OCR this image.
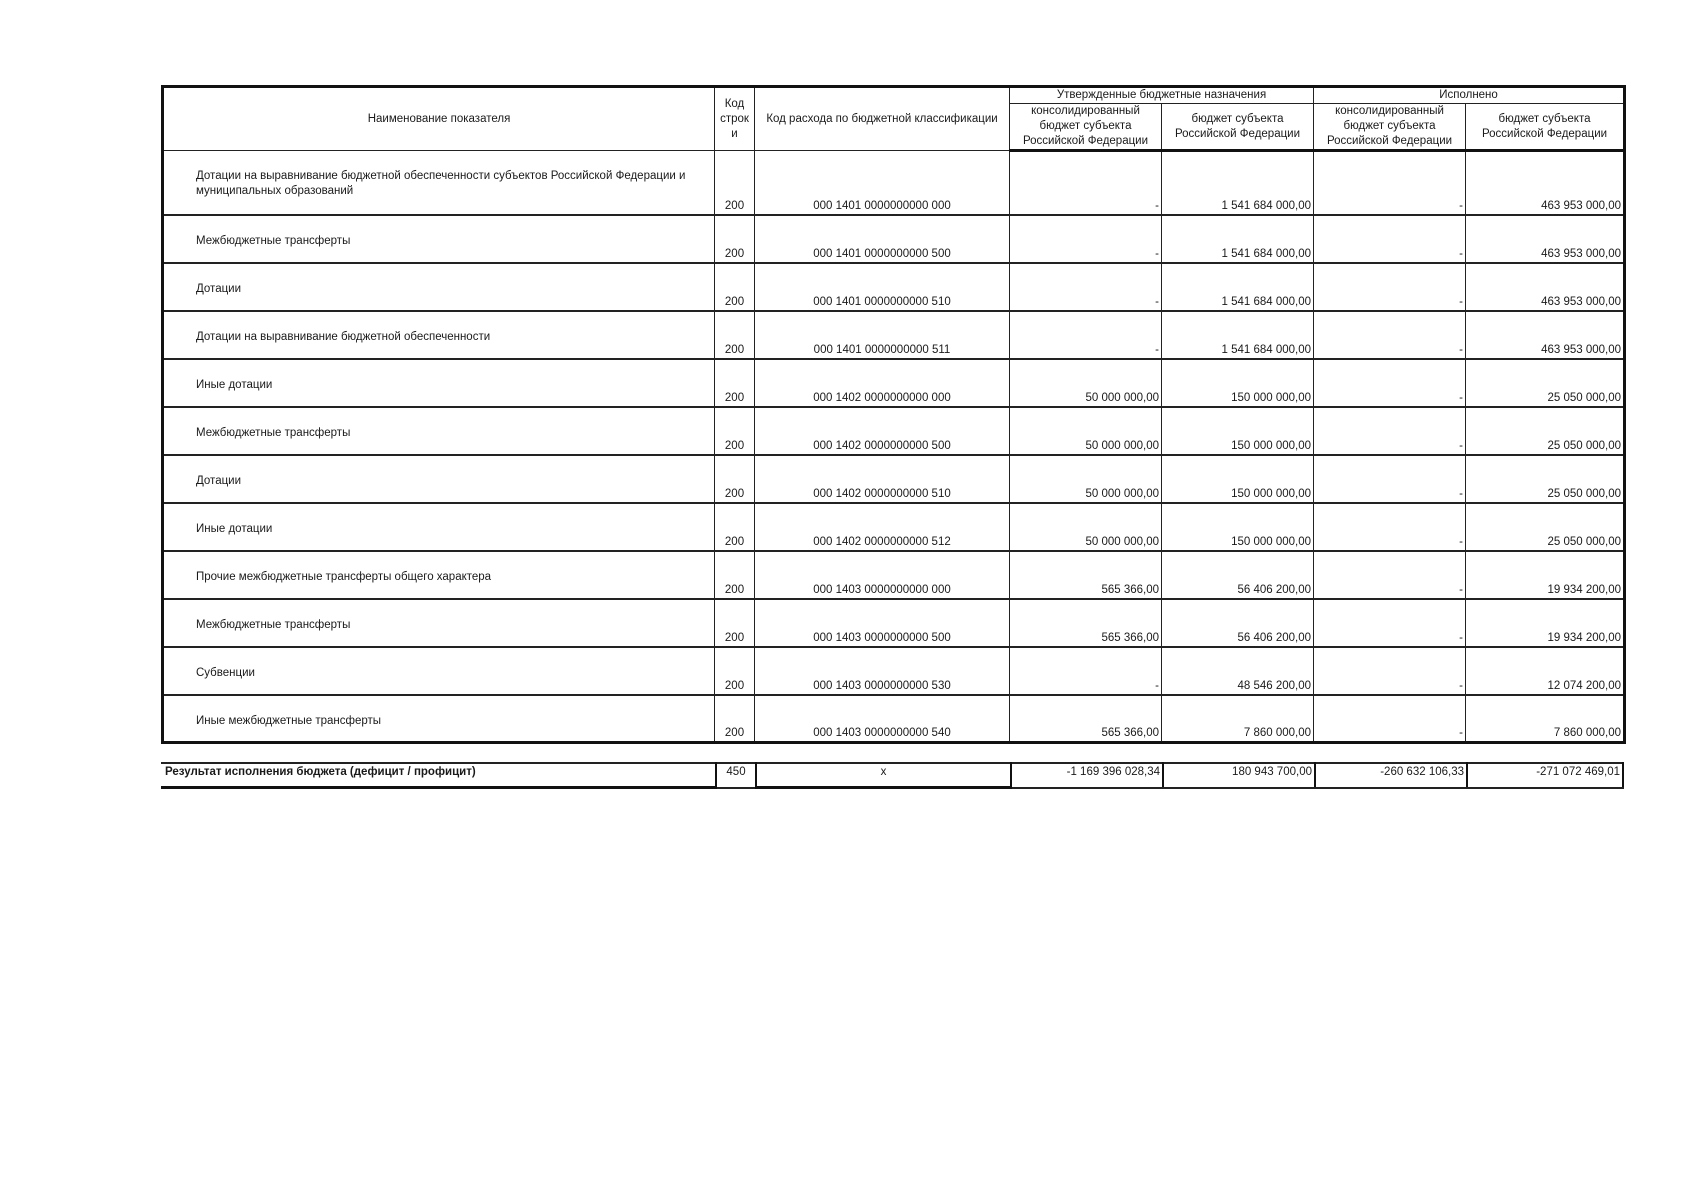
Наименование показателя	Код
строк
и	Код расхода по бюджетной классификации	Утвержденные бюджетные назначения		Исполнено	
			консолидированный
бюджет субъекта
Российской Федерации	бюджет субъекта
Российской Федерации	консолидированный
бюджет субъекта
Российской Федерации	бюджет субъекта
Российской Федерации

Дотации на выравнивание бюджетной обеспеченности субъектов Российской Федерации и
муниципальных образований	200	000 1401 0000000000 000	-	1 541 684 000,00	-	463 953 000,00

Межбюджетные трансферты	200	000 1401 0000000000 500	-	1 541 684 000,00	-	463 953 000,00

Дотации	200	000 1401 0000000000 510	-	1 541 684 000,00	-	463 953 000,00

Дотации на выравнивание бюджетной обеспеченности	200	000 1401 0000000000 511	-	1 541 684 000,00	-	463 953 000,00

Иные дотации	200	000 1402 0000000000 000	50 000 000,00	150 000 000,00	-	25 050 000,00

Межбюджетные трансферты	200	000 1402 0000000000 500	50 000 000,00	150 000 000,00	-	25 050 000,00

Дотации	200	000 1402 0000000000 510	50 000 000,00	150 000 000,00	-	25 050 000,00

Иные дотации	200	000 1402 0000000000 512	50 000 000,00	150 000 000,00	-	25 050 000,00

Прочие межбюджетные трансферты общего характера	200	000 1403 0000000000 000	565 366,00	56 406 200,00	-	19 934 200,00

Межбюджетные трансферты	200	000 1403 0000000000 500	565 366,00	56 406 200,00	-	19 934 200,00

Субвенции	200	000 1403 0000000000 530	-	48 546 200,00	-	12 074 200,00

Иные межбюджетные трансферты	200	000 1403 0000000000 540	565 366,00	7 860 000,00	-	7 860 000,00
Результат исполнения бюджета (дефицит / профицит)	450	x	-1 169 396 028,34	180 943 700,00	-260 632 106,33	-271 072 469,01
